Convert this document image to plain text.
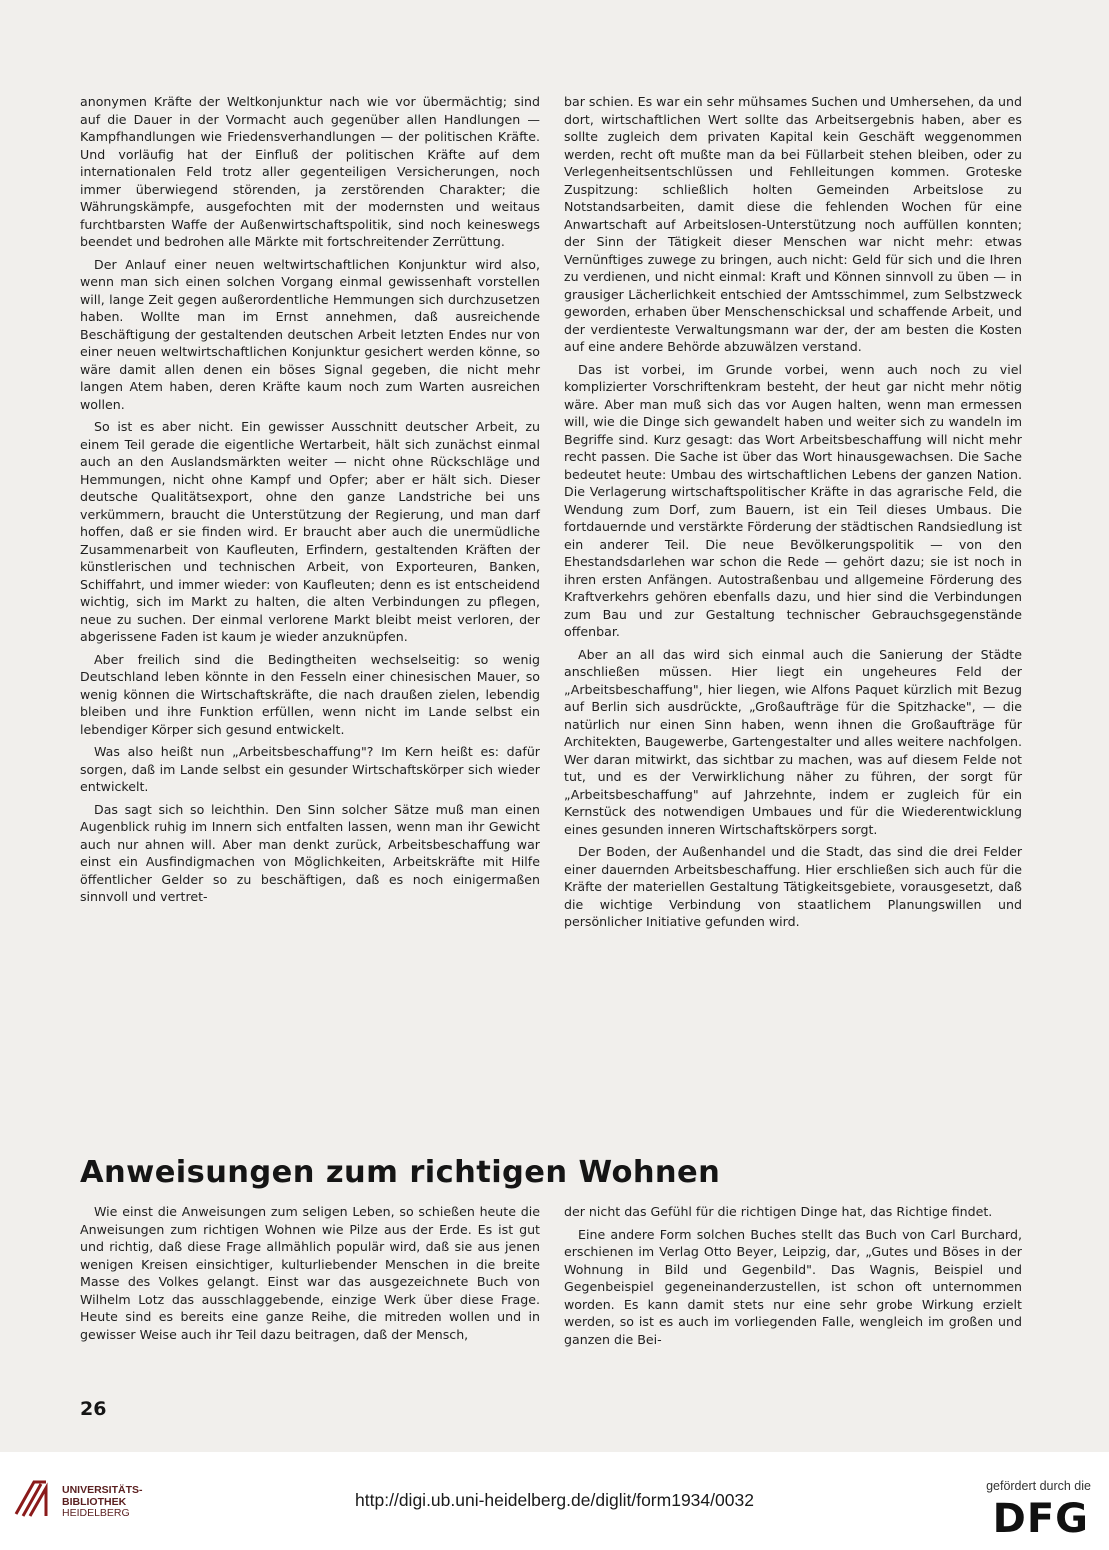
anonymen Kräfte der Weltkonjunktur nach wie vor übermächtig; sind auf die Dauer in der Vormacht auch gegenüber allen Handlungen — Kampfhandlungen wie Friedensverhandlungen — der politischen Kräfte. Und vorläufig hat der Einfluß der politischen Kräfte auf dem internationalen Feld trotz aller gegenteiligen Versicherungen, noch immer überwiegend störenden, ja zerstörenden Charakter; die Währungskämpfe, ausgefochten mit der modernsten und weitaus furchtbarsten Waffe der Außenwirtschaftspolitik, sind noch keineswegs beendet und bedrohen alle Märkte mit fortschreitender Zerrüttung.

Der Anlauf einer neuen weltwirtschaftlichen Konjunktur wird also, wenn man sich einen solchen Vorgang einmal gewissenhaft vorstellen will, lange Zeit gegen außerordentliche Hemmungen sich durchzusetzen haben. Wollte man im Ernst annehmen, daß ausreichende Beschäftigung der gestaltenden deutschen Arbeit letzten Endes nur von einer neuen weltwirtschaftlichen Konjunktur gesichert werden könne, so wäre damit allen denen ein böses Signal gegeben, die nicht mehr langen Atem haben, deren Kräfte kaum noch zum Warten ausreichen wollen.

So ist es aber nicht. Ein gewisser Ausschnitt deutscher Arbeit, zu einem Teil gerade die eigentliche Wertarbeit, hält sich zunächst einmal auch an den Auslandsmärkten weiter — nicht ohne Rückschläge und Hemmungen, nicht ohne Kampf und Opfer; aber er hält sich. Dieser deutsche Qualitätsexport, ohne den ganze Landstriche bei uns verkümmern, braucht die Unterstützung der Regierung, und man darf hoffen, daß er sie finden wird. Er braucht aber auch die unermüdliche Zusammenarbeit von Kaufleuten, Erfindern, gestaltenden Kräften der künstlerischen und technischen Arbeit, von Exporteuren, Banken, Schiffahrt, und immer wieder: von Kaufleuten; denn es ist entscheidend wichtig, sich im Markt zu halten, die alten Verbindungen zu pflegen, neue zu suchen. Der einmal verlorene Markt bleibt meist verloren, der abgerissene Faden ist kaum je wieder anzuknüpfen.

Aber freilich sind die Bedingtheiten wechselseitig: so wenig Deutschland leben könnte in den Fesseln einer chinesischen Mauer, so wenig können die Wirtschaftskräfte, die nach draußen zielen, lebendig bleiben und ihre Funktion erfüllen, wenn nicht im Lande selbst ein lebendiger Körper sich gesund entwickelt.

Was also heißt nun „Arbeitsbeschaffung"? Im Kern heißt es: dafür sorgen, daß im Lande selbst ein gesunder Wirtschaftskörper sich wieder entwickelt.

Das sagt sich so leichthin. Den Sinn solcher Sätze muß man einen Augenblick ruhig im Innern sich entfalten lassen, wenn man ihr Gewicht auch nur ahnen will. Aber man denkt zurück, Arbeitsbeschaffung war einst ein Ausfindigmachen von Möglichkeiten, Arbeitskräfte mit Hilfe öffentlicher Gelder so zu beschäftigen, daß es noch einigermaßen sinnvoll und vertret-

bar schien. Es war ein sehr mühsames Suchen und Umhersehen, da und dort, wirtschaftlichen Wert sollte das Arbeitsergebnis haben, aber es sollte zugleich dem privaten Kapital kein Geschäft weggenommen werden, recht oft mußte man da bei Füllarbeit stehen bleiben, oder zu Verlegenheitsentschlüssen und Fehlleitungen kommen. Groteske Zuspitzung: schließlich holten Gemeinden Arbeitslose zu Notstandsarbeiten, damit diese die fehlenden Wochen für eine Anwartschaft auf Arbeitslosen-Unterstützung noch auffüllen konnten; der Sinn der Tätigkeit dieser Menschen war nicht mehr: etwas Vernünftiges zuwege zu bringen, auch nicht: Geld für sich und die Ihren zu verdienen, und nicht einmal: Kraft und Können sinnvoll zu üben — in grausiger Lächerlichkeit entschied der Amtsschimmel, zum Selbstzweck geworden, erhaben über Menschenschicksal und schaffende Arbeit, und der verdienteste Verwaltungsmann war der, der am besten die Kosten auf eine andere Behörde abzuwälzen verstand.

Das ist vorbei, im Grunde vorbei, wenn auch noch zu viel komplizierter Vorschriftenkram besteht, der heut gar nicht mehr nötig wäre. Aber man muß sich das vor Augen halten, wenn man ermessen will, wie die Dinge sich gewandelt haben und weiter sich zu wandeln im Begriffe sind. Kurz gesagt: das Wort Arbeitsbeschaffung will nicht mehr recht passen. Die Sache ist über das Wort hinausgewachsen. Die Sache bedeutet heute: Umbau des wirtschaftlichen Lebens der ganzen Nation. Die Verlagerung wirtschaftspolitischer Kräfte in das agrarische Feld, die Wendung zum Dorf, zum Bauern, ist ein Teil dieses Umbaus. Die fortdauernde und verstärkte Förderung der städtischen Randsiedlung ist ein anderer Teil. Die neue Bevölkerungspolitik — von den Ehestandsdarlehen war schon die Rede — gehört dazu; sie ist noch in ihren ersten Anfängen. Autostraßenbau und allgemeine Förderung des Kraftverkehrs gehören ebenfalls dazu, und hier sind die Verbindungen zum Bau und zur Gestaltung technischer Gebrauchsgegenstände offenbar.

Aber an all das wird sich einmal auch die Sanierung der Städte anschließen müssen. Hier liegt ein ungeheures Feld der „Arbeitsbeschaffung", hier liegen, wie Alfons Paquet kürzlich mit Bezug auf Berlin sich ausdrückte, „Großaufträge für die Spitzhacke", — die natürlich nur einen Sinn haben, wenn ihnen die Großaufträge für Architekten, Baugewerbe, Gartengestalter und alles weitere nachfolgen. Wer daran mitwirkt, das sichtbar zu machen, was auf diesem Felde not tut, und es der Verwirklichung näher zu führen, der sorgt für „Arbeitsbeschaffung" auf Jahrzehnte, indem er zugleich für ein Kernstück des notwendigen Umbaues und für die Wiederentwicklung eines gesunden inneren Wirtschaftskörpers sorgt.

Der Boden, der Außenhandel und die Stadt, das sind die drei Felder einer dauernden Arbeitsbeschaffung. Hier erschließen sich auch für die Kräfte der materiellen Gestaltung Tätigkeitsgebiete, vorausgesetzt, daß die wichtige Verbindung von staatlichem Planungswillen und persönlicher Initiative gefunden wird.

Anweisungen zum richtigen Wohnen

Wie einst die Anweisungen zum seligen Leben, so schießen heute die Anweisungen zum richtigen Wohnen wie Pilze aus der Erde. Es ist gut und richtig, daß diese Frage allmählich populär wird, daß sie aus jenen wenigen Kreisen einsichtiger, kulturliebender Menschen in die breite Masse des Volkes gelangt. Einst war das ausgezeichnete Buch von Wilhelm Lotz das ausschlaggebende, einzige Werk über diese Frage. Heute sind es bereits eine ganze Reihe, die mitreden wollen und in gewisser Weise auch ihr Teil dazu beitragen, daß der Mensch,

der nicht das Gefühl für die richtigen Dinge hat, das Richtige findet.

Eine andere Form solchen Buches stellt das Buch von Carl Burchard, erschienen im Verlag Otto Beyer, Leipzig, dar, „Gutes und Böses in der Wohnung in Bild und Gegenbild". Das Wagnis, Beispiel und Gegenbeispiel gegeneinanderzustellen, ist schon oft unternommen worden. Es kann damit stets nur eine sehr grobe Wirkung erzielt werden, so ist es auch im vorliegenden Falle, wengleich im großen und ganzen die Bei-

26
UNIVERSITÄTS-
BIBLIOTHEK
HEIDELBERG
http://digi.ub.uni-heidelberg.de/diglit/form1934/0032
gefördert durch die
DFG
